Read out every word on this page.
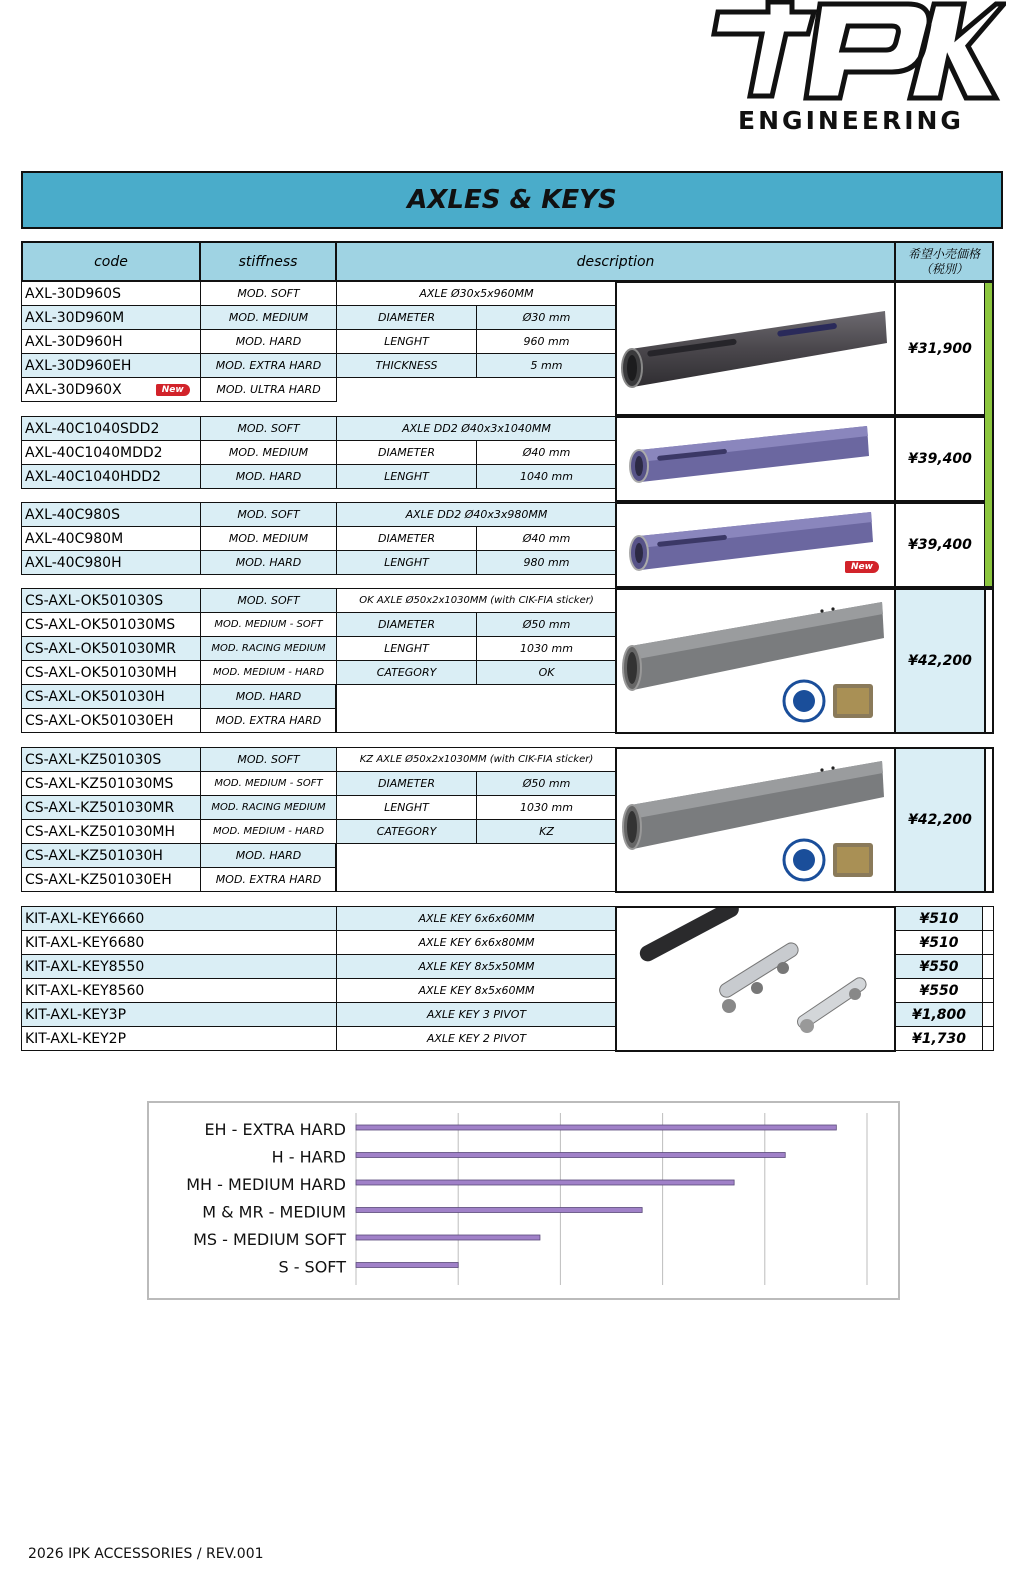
ENGINEERING
AXLES & KEYS
code	stiffness	description	希望小売価格
（税別）
AXL-30D960S	MOD. SOFT	AXLE Ø30x5x960MM
AXL-30D960M	MOD. MEDIUM	DIAMETER	Ø30 mm
AXL-30D960H	MOD. HARD	LENGHT	960 mm
AXL-30D960EH	MOD. EXTRA HARD	THICKNESS	5 mm
AXL-30D960X	New	MOD. ULTRA HARD
¥31,900
AXL-40C1040SDD2	MOD. SOFT	AXLE DD2 Ø40x3x1040MM
AXL-40C1040MDD2	MOD. MEDIUM	DIAMETER	Ø40 mm
AXL-40C1040HDD2	MOD. HARD	LENGHT	1040 mm
¥39,400
AXL-40C980S	MOD. SOFT	AXLE DD2 Ø40x3x980MM
AXL-40C980M	MOD. MEDIUM	DIAMETER	Ø40 mm
AXL-40C980H	MOD. HARD	LENGHT	980 mm	New
¥39,400
CS-AXL-OK501030S	MOD. SOFT	OK AXLE Ø50x2x1030MM (with CIK-FIA sticker)
CS-AXL-OK501030MS	MOD. MEDIUM - SOFT	DIAMETER	Ø50 mm
CS-AXL-OK501030MR	MOD. RACING MEDIUM	LENGHT	1030 mm
CS-AXL-OK501030MH	MOD. MEDIUM - HARD	CATEGORY	OK
CS-AXL-OK501030H	MOD. HARD
CS-AXL-OK501030EH	MOD. EXTRA HARD
¥42,200
CS-AXL-KZ501030S	MOD. SOFT	KZ AXLE Ø50x2x1030MM (with CIK-FIA sticker)
CS-AXL-KZ501030MS	MOD. MEDIUM - SOFT	DIAMETER	Ø50 mm
CS-AXL-KZ501030MR	MOD. RACING MEDIUM	LENGHT	1030 mm
CS-AXL-KZ501030MH	MOD. MEDIUM - HARD	CATEGORY	KZ
CS-AXL-KZ501030H	MOD. HARD
CS-AXL-KZ501030EH	MOD. EXTRA HARD
¥42,200
KIT-AXL-KEY6660	AXLE KEY 6x6x60MM	¥510
KIT-AXL-KEY6680	AXLE KEY 6x6x80MM	¥510
KIT-AXL-KEY8550	AXLE KEY 8x5x50MM	¥550
KIT-AXL-KEY8560	AXLE KEY 8x5x60MM	¥550
KIT-AXL-KEY3P	AXLE KEY 3 PIVOT	¥1,800
KIT-AXL-KEY2P	AXLE KEY 2 PIVOT	¥1,730
EH - EXTRA HARD
H - HARD
MH - MEDIUM HARD
M & MR - MEDIUM
MS - MEDIUM SOFT
S - SOFT
2026 IPK ACCESSORIES / REV.001
